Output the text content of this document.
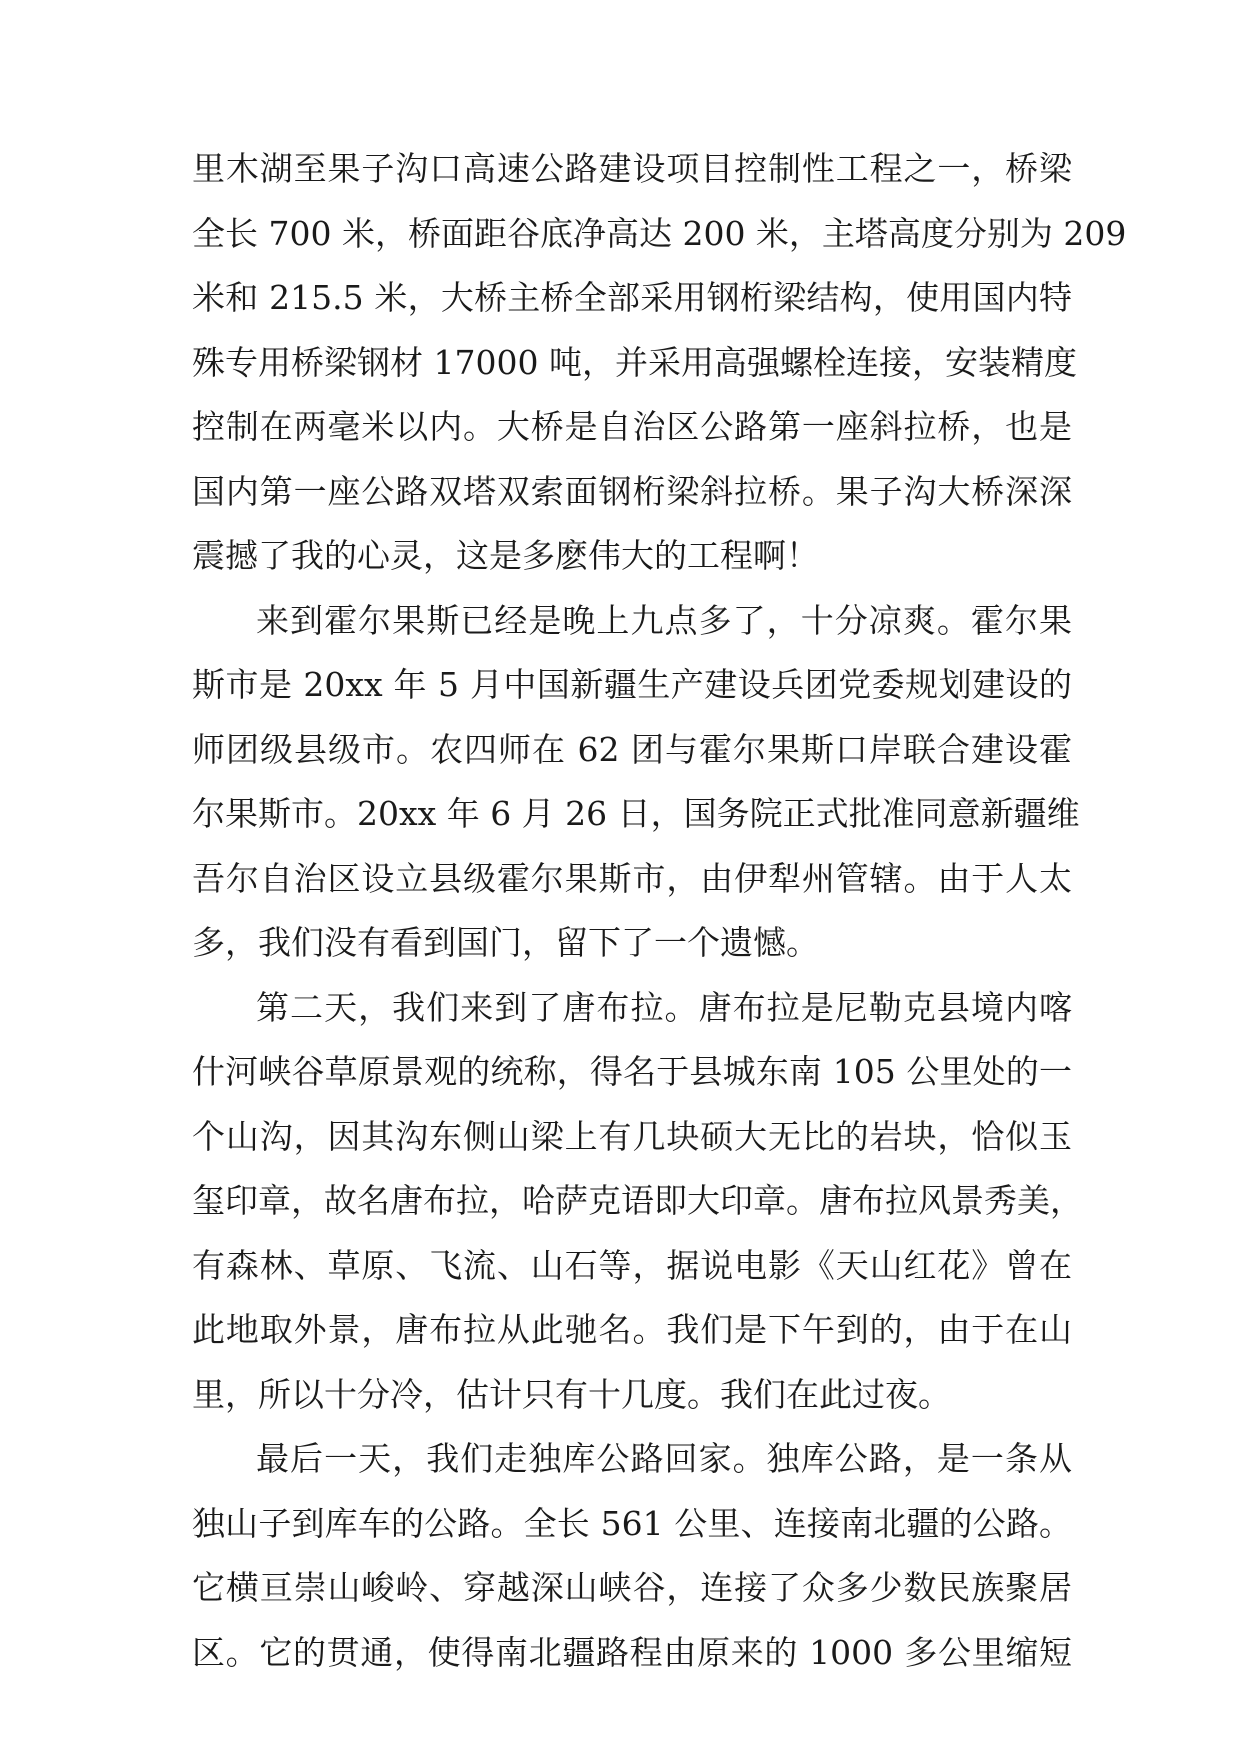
里木湖至果子沟口高速公路建设项目控制性工程之一，桥梁
全长 700 米，桥面距谷底净高达 200 米，主塔高度分别为 209
米和 215.5 米，大桥主桥全部采用钢桁梁结构，使用国内特
殊专用桥梁钢材 17000 吨，并采用高强螺栓连接，安装精度
控制在两毫米以内。大桥是自治区公路第一座斜拉桥，也是
国内第一座公路双塔双索面钢桁梁斜拉桥。果子沟大桥深深
震撼了我的心灵，这是多麽伟大的工程啊！
来到霍尔果斯已经是晚上九点多了，十分凉爽。霍尔果
斯市是 20xx 年 5 月中国新疆生产建设兵团党委规划建设的
师团级县级市。农四师在 62 团与霍尔果斯口岸联合建设霍
尔果斯市。20xx 年 6 月 26 日，国务院正式批准同意新疆维
吾尔自治区设立县级霍尔果斯市，由伊犁州管辖。由于人太
多，我们没有看到国门，留下了一个遗憾。
第二天，我们来到了唐布拉。唐布拉是尼勒克县境内喀
什河峡谷草原景观的统称，得名于县城东南 105 公里处的一
个山沟，因其沟东侧山梁上有几块硕大无比的岩块，恰似玉
玺印章，故名唐布拉，哈萨克语即大印章。唐布拉风景秀美，
有森林、草原、飞流、山石等，据说电影《天山红花》曾在
此地取外景，唐布拉从此驰名。我们是下午到的，由于在山
里，所以十分冷，估计只有十几度。我们在此过夜。
最后一天，我们走独库公路回家。独库公路，是一条从
独山子到库车的公路。全长 561 公里、连接南北疆的公路。
它横亘崇山峻岭、穿越深山峡谷，连接了众多少数民族聚居
区。它的贯通，使得南北疆路程由原来的 1000 多公里缩短
